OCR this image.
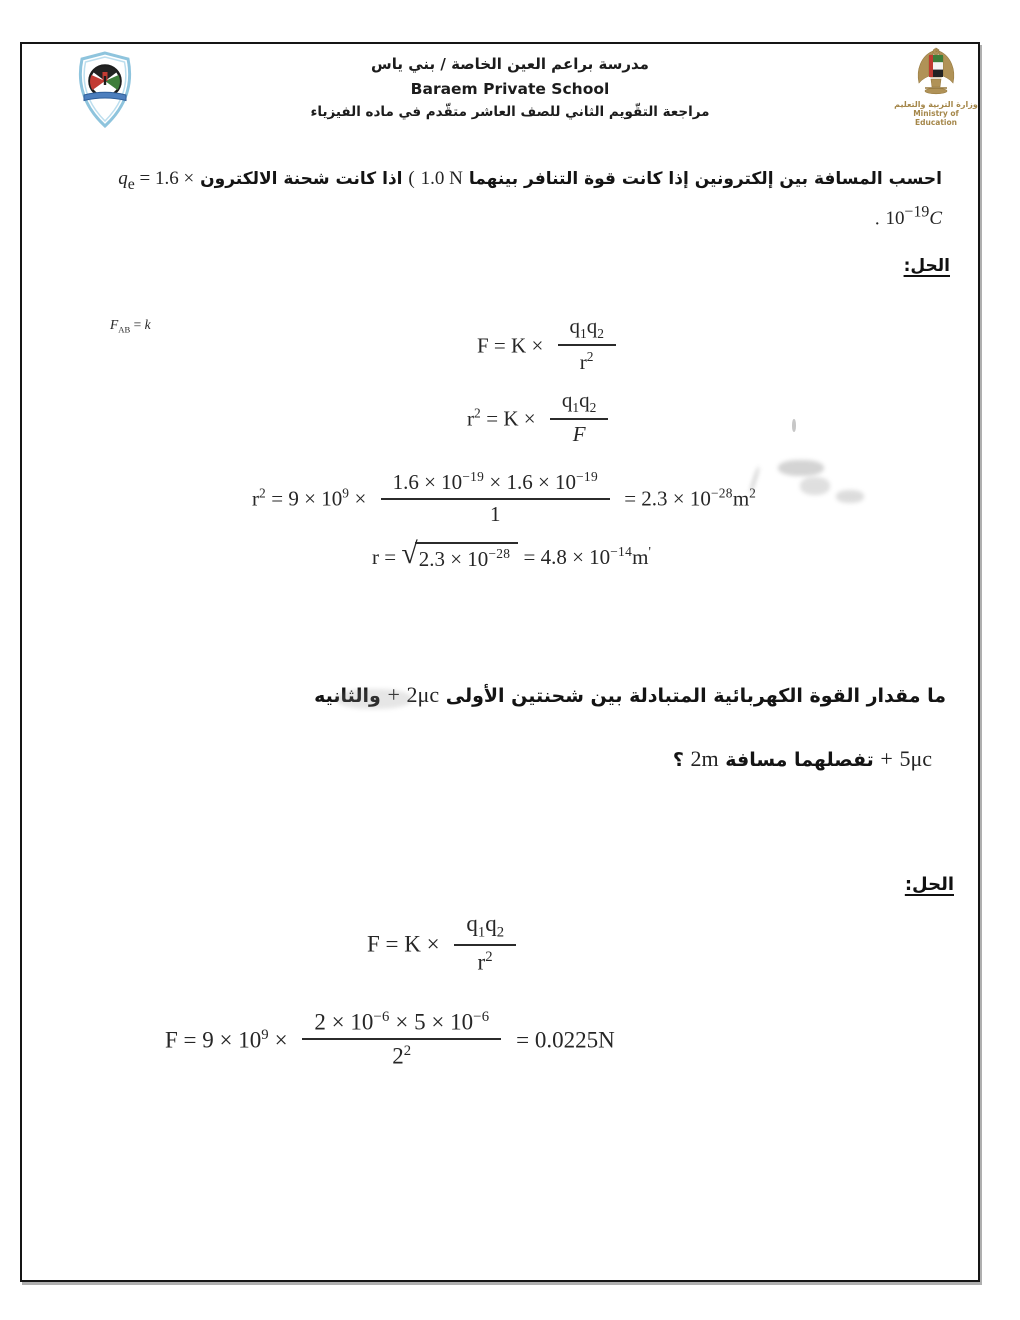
مدرسة براعم العين الخاصة / بني ياس
Baraem Private School
مراجعة التقّويم الثاني للصف العاشر متقّدم في ماده الفيزياء	وزارة التربية والتعليم
Ministry of Education
احسب المسافة بين إلكترونين إذا كانت قوة التنافر بينهما 1.0 N ( اذا كانت شحنة الالكترون $q_e = 1.6$ ×
$10^{-19}C$ .
الحل:
$F_{AB} = k$
$F = K \times \frac{q_1q_2}{r^2}$
$r^2 = K \times \frac{q_1q_2}{F}$
$r^2 = 9 \times 10^9 \times \frac{1.6 \times 10^{-19} \times 1.6 \times 10^{-19}}{1} = 2.3 \times 10^{-28}m^2$
r = √ $2.3 \times 10^{-28} = 4.8 \times 10^{-14}m'$
ما مقدار القوة الكهربائية المتبادلة بين شحنتين الأولى 2μc + والثانيه
5μc + تفصلهما مسافة 2m ؟
الحل:
$F = K \times \frac{q_1q_2}{r^2}$
$F = 9 \times 10^9 \times \frac{2 \times 10^{-6} \times 5 \times 10^{-6}}{2^2} = 0.0225N$
